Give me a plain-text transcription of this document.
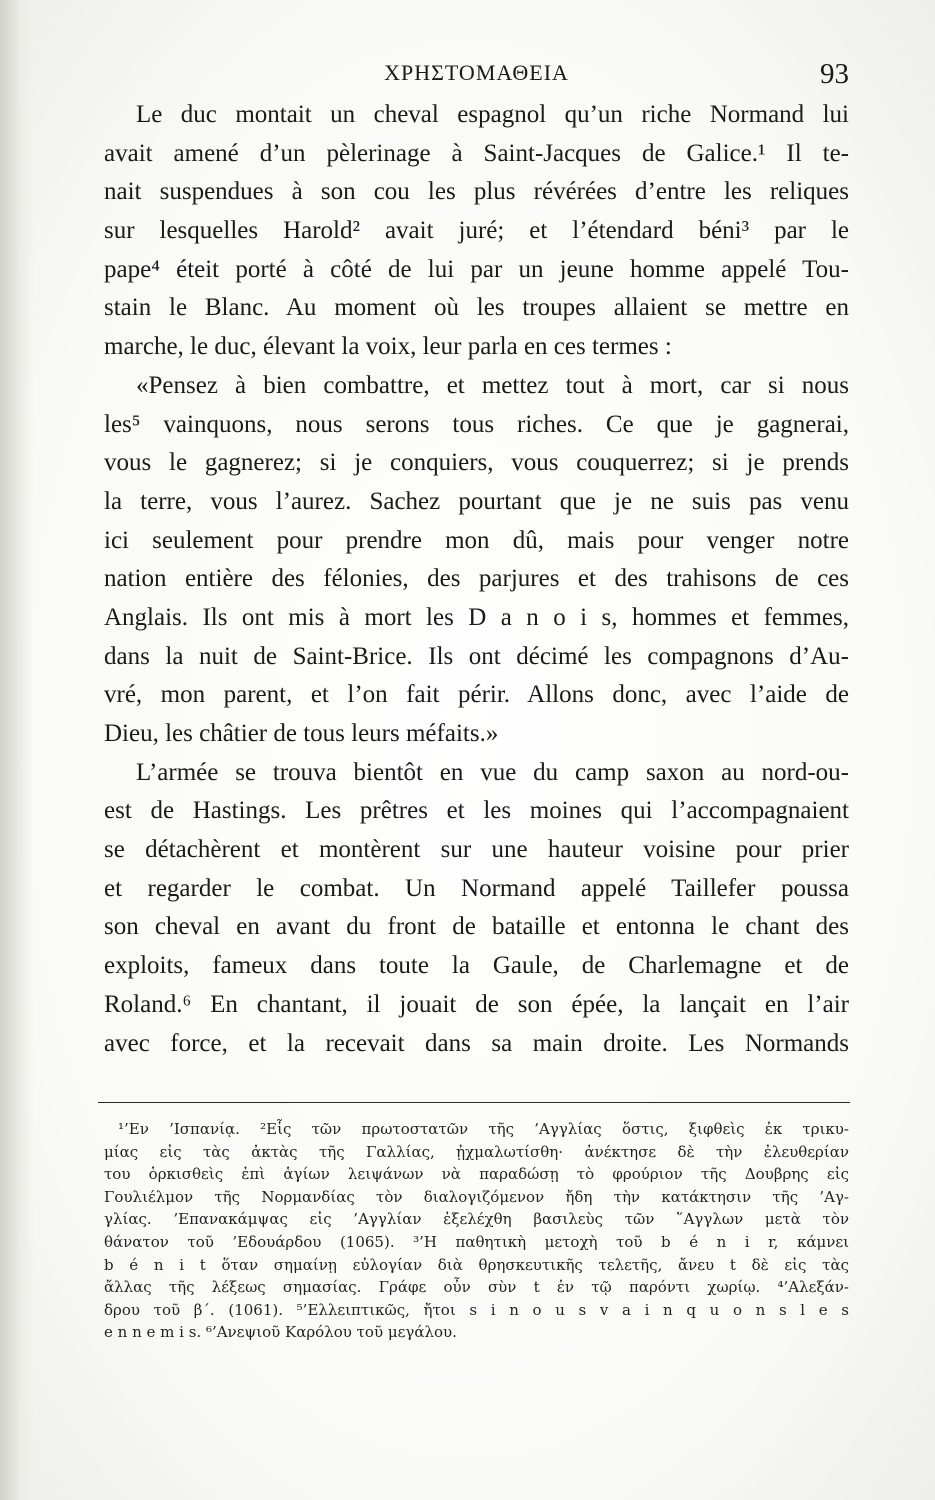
ΧΡΗΣΤΟΜΑΘΕΙΑ	93
Le duc montait un cheval espagnol qu’un riche Normand lui
avait amené d’un pèlerinage à Saint-Jacques de Galice.¹ Il te-
nait suspendues à son cou les plus révérées d’entre les reliques
sur lesquelles Harold² avait juré; et l’étendard béni³ par le
pape⁴ éteit porté à côté de lui par un jeune homme appelé Tou-
stain le Blanc. Au moment où les troupes allaient se mettre en
marche, le duc, élevant la voix, leur parla en ces termes :
«Pensez à bien combattre, et mettez tout à mort, car si nous
les⁵ vainquons, nous serons tous riches. Ce que je gagnerai,
vous le gagnerez; si je conquiers, vous couquerrez; si je prends
la terre, vous l’aurez. Sachez pourtant que je ne suis pas venu
ici seulement pour prendre mon dû, mais pour venger notre
nation entière des félonies, des parjures et des trahisons de ces
Anglais. Ils ont mis à mort les D a n o i s, hommes et femmes,
dans la nuit de Saint-Brice. Ils ont décimé les compagnons d’Au-
vré, mon parent, et l’on fait périr. Allons donc, avec l’aide de
Dieu, les châtier de tous leurs méfaits.»
L’armée se trouva bientôt en vue du camp saxon au nord-ou-
est de Hastings. Les prêtres et les moines qui l’accompagnaient
se détachèrent et montèrent sur une hauteur voisine pour prier
et regarder le combat. Un Normand appelé Taillefer poussa
son cheval en avant du front de bataille et entonna le chant des
exploits, fameux dans toute la Gaule, de Charlemagne et de
Roland.⁶ En chantant, il jouait de son épée, la lançait en l’air
avec force, et la recevait dans sa main droite. Les Normands
¹’Εν ’Ισπανίᾳ. ²Εἷς τῶν πρωτοστατῶν τῆς ’Αγγλίας ὅστις, ξιφθεὶς ἐκ τρικυ-
μίας εἰς τὰς ἀκτὰς τῆς Γαλλίας, ᾐχμαλωτίσθη· ἀνέκτησε δὲ τὴν ἐλευθερίαν
του ὁρκισθεὶς ἐπὶ ἁγίων λειψάνων νὰ παραδώσῃ τὸ φρούριον τῆς Δουβρης εἰς
Γουλιέλμον τῆς Νορμανδίας τὸν διαλογιζόμενον ἤδη τὴν κατάκτησιν τῆς ’Αγ-
γλίας. ’Επανακάμψας εἰς ’Αγγλίαν ἐξελέχθη βασιλεὺς τῶν ῞Αγγλων μετὰ τὸν
θάνατον τοῦ ’Εδουάρδου (1065). ³’Η παθητικὴ μετοχὴ τοῦ b é n i r, κάμνει
b é n i t ὅταν σημαίνῃ εὐλογίαν διὰ θρησκευτικῆς τελετῆς, ἄνευ t δὲ εἰς τὰς
ἄλλας τῆς λέξεως σημασίας. Γράφε οὖν σὺν t ἐν τῷ παρόντι χωρίῳ. ⁴’Αλεξάν-
δρου τοῦ β΄. (1061). ⁵’Ελλειπτικῶς, ἤτοι s i n o u s v a i n q u o n s l e s
e n n e m i s. ⁶’Ανεψιοῦ Καρόλου τοῦ μεγάλου.
